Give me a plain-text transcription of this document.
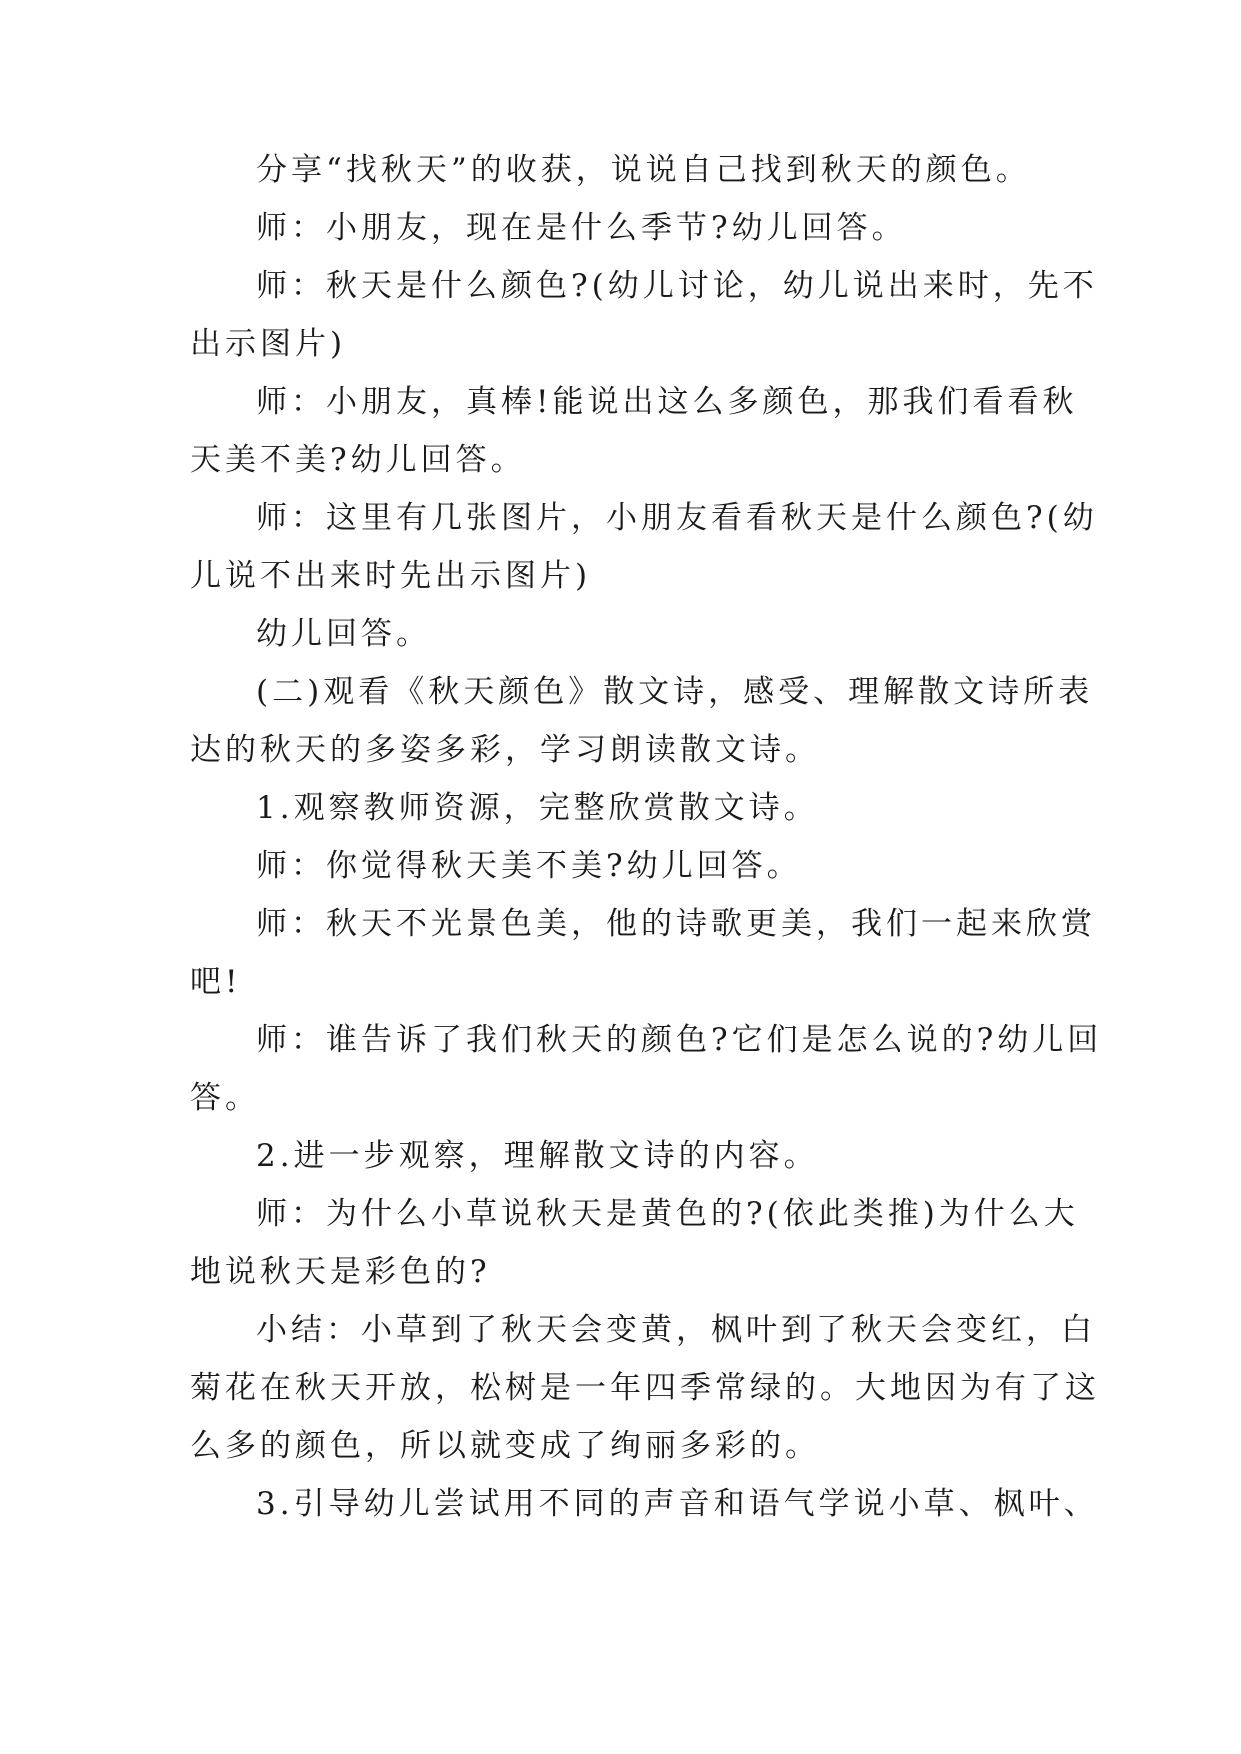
分享“找秋天”的收获，说说自己找到秋天的颜色。
师：小朋友，现在是什么季节?幼儿回答。
师：秋天是什么颜色?(幼儿讨论，幼儿说出来时，先不
出示图片)
师：小朋友，真棒!能说出这么多颜色，那我们看看秋
天美不美?幼儿回答。
师：这里有几张图片，小朋友看看秋天是什么颜色?(幼
儿说不出来时先出示图片)
幼儿回答。
(二)观看《秋天颜色》散文诗，感受、理解散文诗所表
达的秋天的多姿多彩，学习朗读散文诗。
1.观察教师资源，完整欣赏散文诗。
师：你觉得秋天美不美?幼儿回答。
师：秋天不光景色美，他的诗歌更美，我们一起来欣赏
吧!
师：谁告诉了我们秋天的颜色?它们是怎么说的?幼儿回
答。
2.进一步观察，理解散文诗的内容。
师：为什么小草说秋天是黄色的?(依此类推)为什么大
地说秋天是彩色的?
小结：小草到了秋天会变黄，枫叶到了秋天会变红，白
菊花在秋天开放，松树是一年四季常绿的。大地因为有了这
么多的颜色，所以就变成了绚丽多彩的。
3.引导幼儿尝试用不同的声音和语气学说小草、枫叶、
